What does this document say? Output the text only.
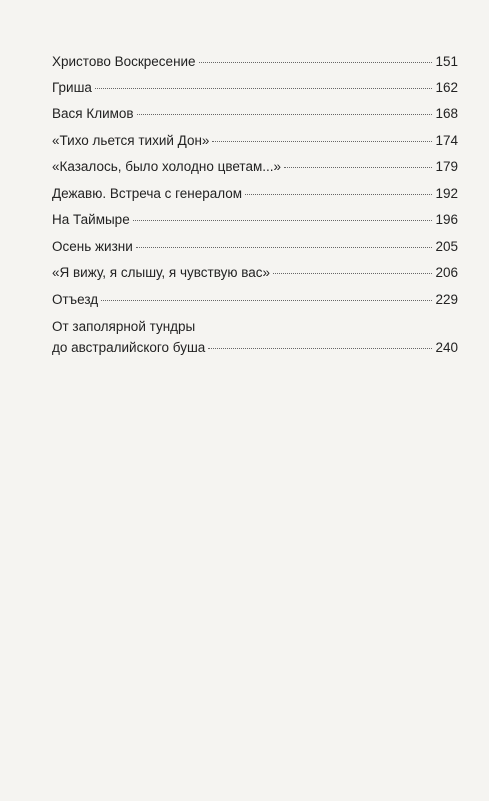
Христово Воскресение	151
Гриша	162
Вася Климов	168
«Тихо льется тихий Дон»	174
«Казалось, было холодно цветам...»	179
Дежавю. Встреча с генералом	192
На Таймыре	196
Осень жизни	205
«Я вижу, я слышу, я чувствую вас»	206
Отъезд	229
От заполярной тундры
до австралийского буша	240
